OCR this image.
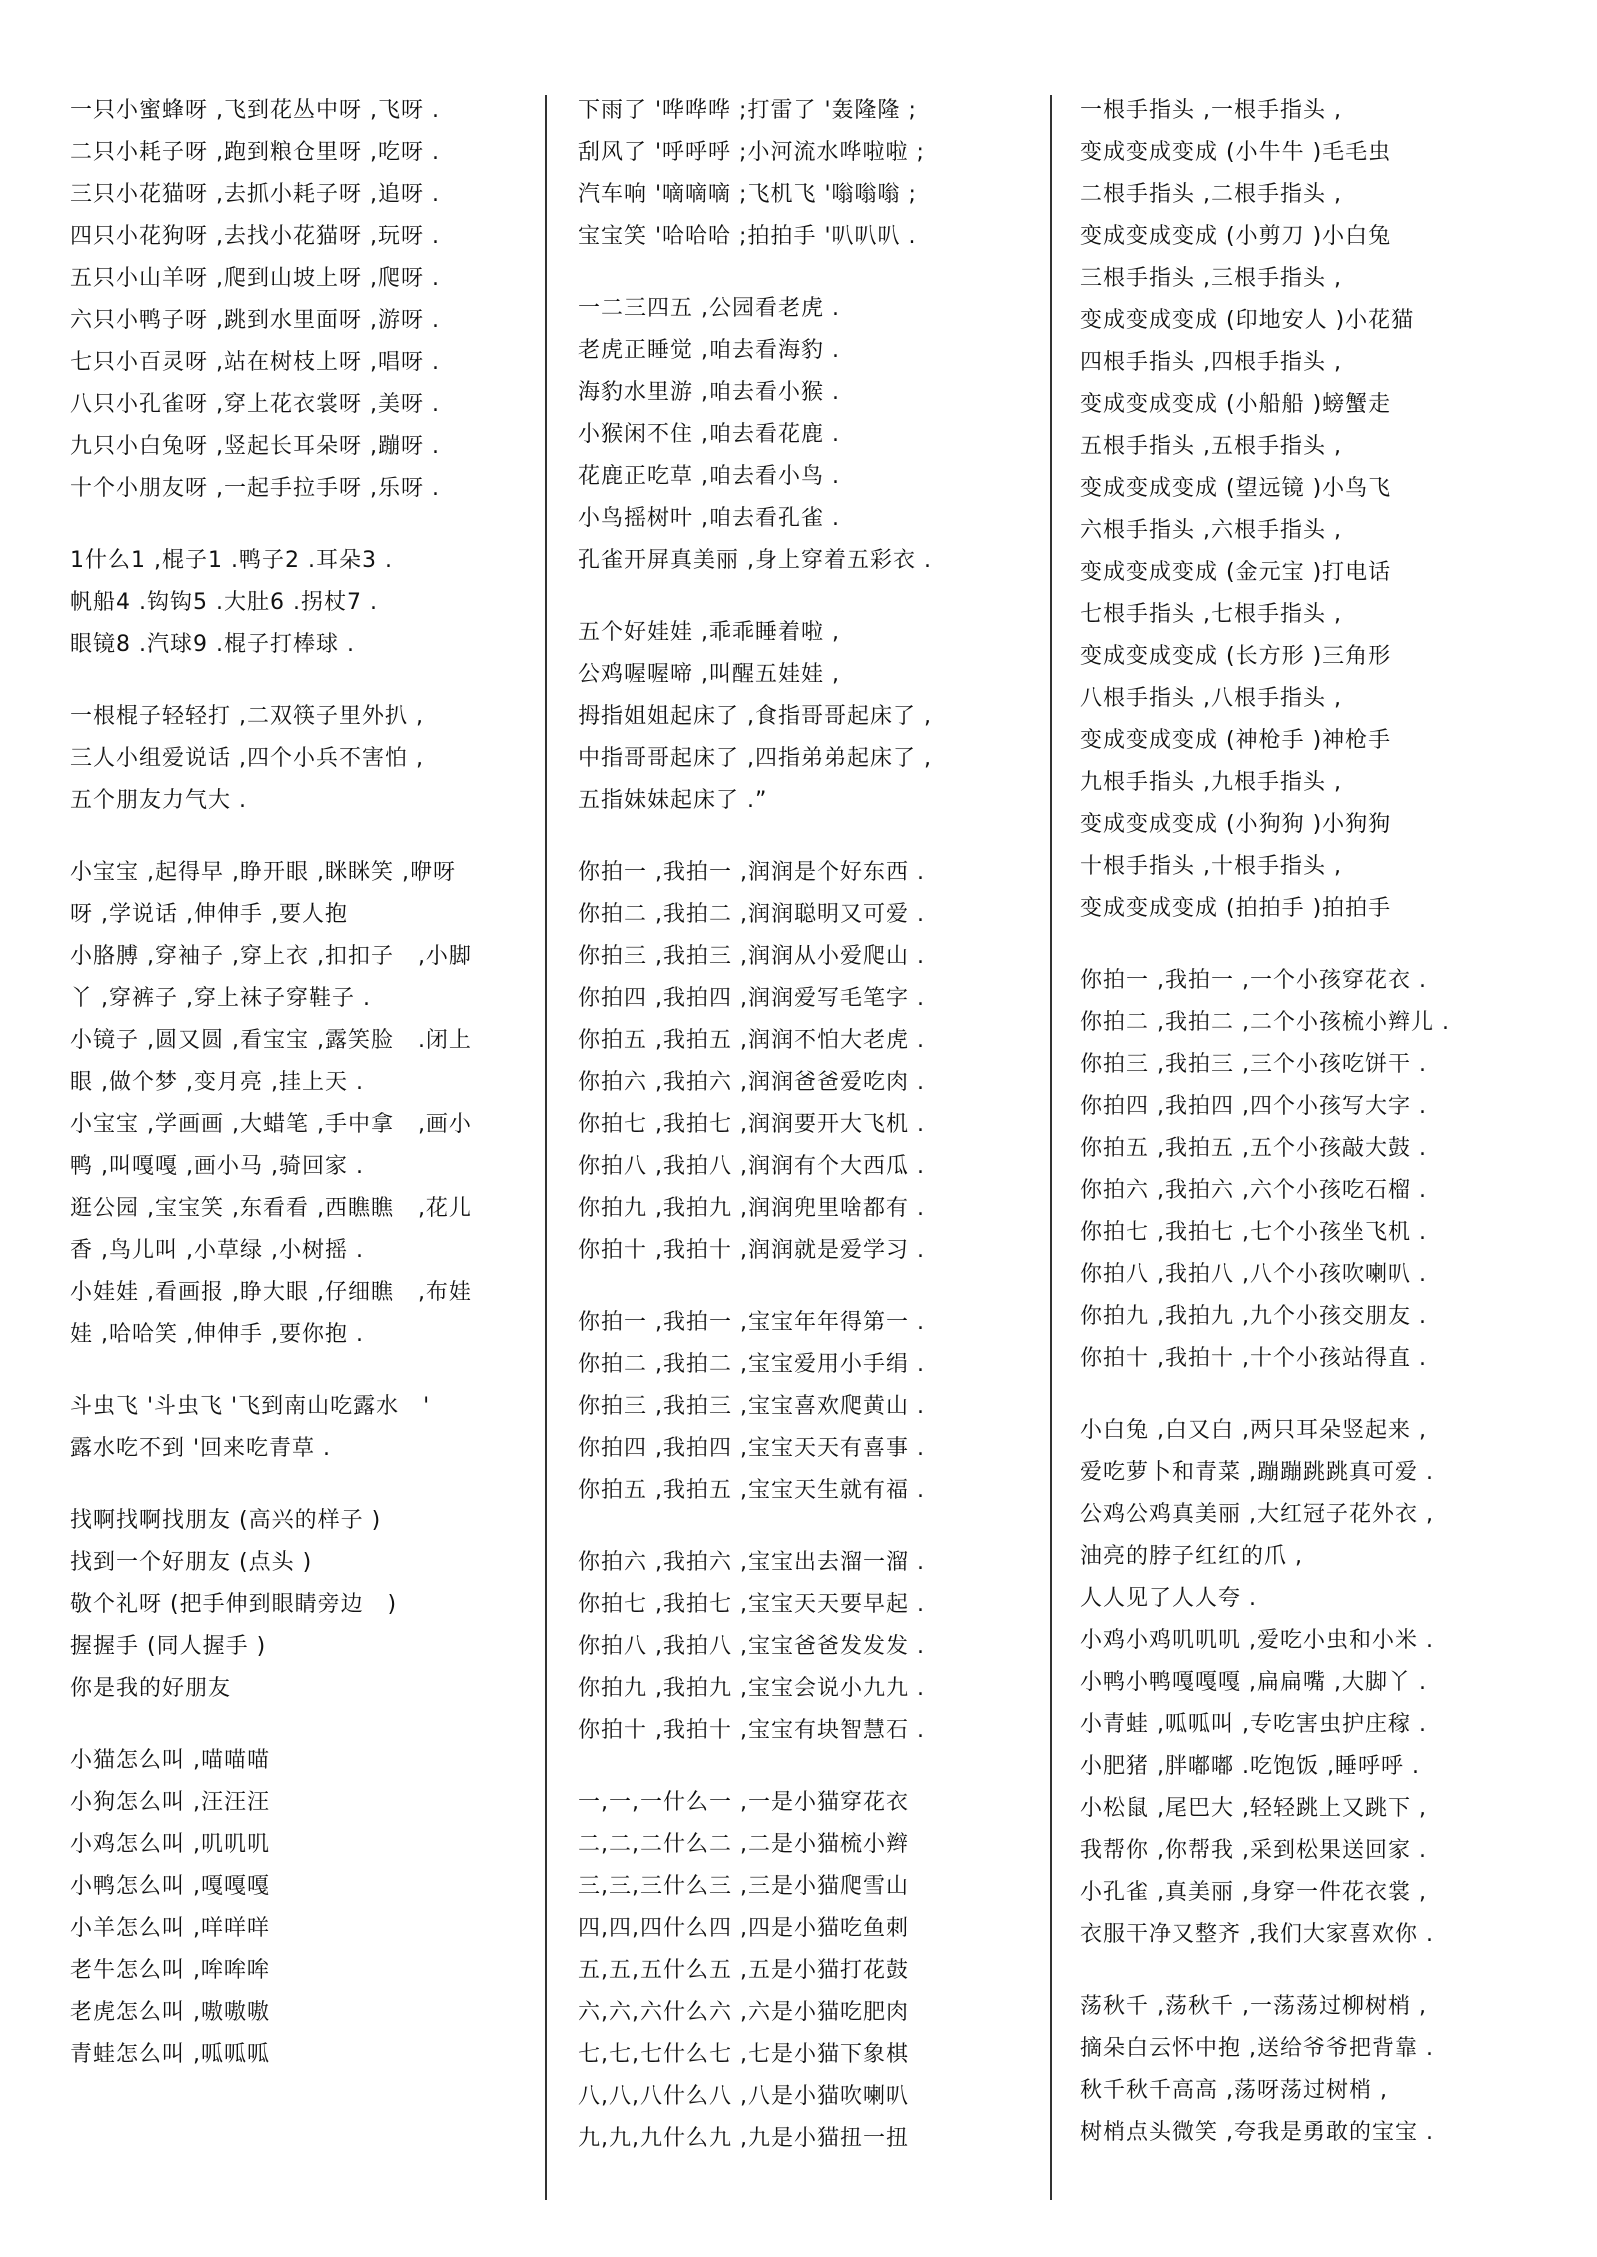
一只小蜜蜂呀 ,飞到花丛中呀 ,飞呀 .
二只小耗子呀 ,跑到粮仓里呀 ,吃呀 .
三只小花猫呀 ,去抓小耗子呀 ,追呀 .
四只小花狗呀 ,去找小花猫呀 ,玩呀 .
五只小山羊呀 ,爬到山坡上呀 ,爬呀 .
六只小鸭子呀 ,跳到水里面呀 ,游呀 .
七只小百灵呀 ,站在树枝上呀 ,唱呀 .
八只小孔雀呀 ,穿上花衣裳呀 ,美呀 .
九只小白兔呀 ,竖起长耳朵呀 ,蹦呀 .
十个小朋友呀 ,一起手拉手呀 ,乐呀 .
1什么1 ,棍子1 .鸭子2 .耳朵3 .
帆船4 .钩钩5 .大肚6 .拐杖7 .
眼镜8 .汽球9 .棍子打棒球 .
一根棍子轻轻打 ,二双筷子里外扒 ,
三人小组爱说话 ,四个小兵不害怕 ,
五个朋友力气大 .
小宝宝 ,起得早 ,睁开眼 ,眯眯笑 ,咿呀
呀 ,学说话 ,伸伸手 ,要人抱
小胳膊 ,穿袖子 ,穿上衣 ,扣扣子   ,小脚
丫 ,穿裤子 ,穿上袜子穿鞋子 .
小镜子 ,圆又圆 ,看宝宝 ,露笑脸   .闭上
眼 ,做个梦 ,变月亮 ,挂上天 .
小宝宝 ,学画画 ,大蜡笔 ,手中拿   ,画小
鸭 ,叫嘎嘎 ,画小马 ,骑回家 .
逛公园 ,宝宝笑 ,东看看 ,西瞧瞧   ,花儿
香 ,鸟儿叫 ,小草绿 ,小树摇 .
小娃娃 ,看画报 ,睁大眼 ,仔细瞧   ,布娃
娃 ,哈哈笑 ,伸伸手 ,要你抱 .
斗虫飞 '斗虫飞 '飞到南山吃露水   '
露水吃不到 '回来吃青草 .
找啊找啊找朋友 (高兴的样子 )
找到一个好朋友 (点头 )
敬个礼呀 (把手伸到眼睛旁边   )
握握手 (同人握手 )
你是我的好朋友
小猫怎么叫 ,喵喵喵
小狗怎么叫 ,汪汪汪
小鸡怎么叫 ,叽叽叽
小鸭怎么叫 ,嘎嘎嘎
小羊怎么叫 ,咩咩咩
老牛怎么叫 ,哞哞哞
老虎怎么叫 ,嗷嗷嗷
青蛙怎么叫 ,呱呱呱
下雨了 '哗哗哗 ;打雷了 '轰隆隆 ;
刮风了 '呼呼呼 ;小河流水哗啦啦 ;
汽车响 '嘀嘀嘀 ;飞机飞 '嗡嗡嗡 ;
宝宝笑 '哈哈哈 ;拍拍手 '叭叭叭 .
一二三四五 ,公园看老虎 .
老虎正睡觉 ,咱去看海豹 .
海豹水里游 ,咱去看小猴 .
小猴闲不住 ,咱去看花鹿 .
花鹿正吃草 ,咱去看小鸟 .
小鸟摇树叶 ,咱去看孔雀 .
孔雀开屏真美丽 ,身上穿着五彩衣 .
五个好娃娃 ,乖乖睡着啦 ,
公鸡喔喔啼 ,叫醒五娃娃 ,
拇指姐姐起床了 ,食指哥哥起床了 ,
中指哥哥起床了 ,四指弟弟起床了 ,
五指妹妹起床了 .”
你拍一 ,我拍一 ,润润是个好东西 .
你拍二 ,我拍二 ,润润聪明又可爱 .
你拍三 ,我拍三 ,润润从小爱爬山 .
你拍四 ,我拍四 ,润润爱写毛笔字 .
你拍五 ,我拍五 ,润润不怕大老虎 .
你拍六 ,我拍六 ,润润爸爸爱吃肉 .
你拍七 ,我拍七 ,润润要开大飞机 .
你拍八 ,我拍八 ,润润有个大西瓜 .
你拍九 ,我拍九 ,润润兜里啥都有 .
你拍十 ,我拍十 ,润润就是爱学习 .
你拍一 ,我拍一 ,宝宝年年得第一 .
你拍二 ,我拍二 ,宝宝爱用小手绢 .
你拍三 ,我拍三 ,宝宝喜欢爬黄山 .
你拍四 ,我拍四 ,宝宝天天有喜事 .
你拍五 ,我拍五 ,宝宝天生就有福 .
你拍六 ,我拍六 ,宝宝出去溜一溜 .
你拍七 ,我拍七 ,宝宝天天要早起 .
你拍八 ,我拍八 ,宝宝爸爸发发发 .
你拍九 ,我拍九 ,宝宝会说小九九 .
你拍十 ,我拍十 ,宝宝有块智慧石 .
一,一,一什么一 ,一是小猫穿花衣
二,二,二什么二 ,二是小猫梳小辫
三,三,三什么三 ,三是小猫爬雪山
四,四,四什么四 ,四是小猫吃鱼刺
五,五,五什么五 ,五是小猫打花鼓
六,六,六什么六 ,六是小猫吃肥肉
七,七,七什么七 ,七是小猫下象棋
八,八,八什么八 ,八是小猫吹喇叭
九,九,九什么九 ,九是小猫扭一扭
一根手指头 ,一根手指头 ,
变成变成变成 (小牛牛 )毛毛虫
二根手指头 ,二根手指头 ,
变成变成变成 (小剪刀 )小白兔
三根手指头 ,三根手指头 ,
变成变成变成 (印地安人 )小花猫
四根手指头 ,四根手指头 ,
变成变成变成 (小船船 )螃蟹走
五根手指头 ,五根手指头 ,
变成变成变成 (望远镜 )小鸟飞
六根手指头 ,六根手指头 ,
变成变成变成 (金元宝 )打电话
七根手指头 ,七根手指头 ,
变成变成变成 (长方形 )三角形
八根手指头 ,八根手指头 ,
变成变成变成 (神枪手 )神枪手
九根手指头 ,九根手指头 ,
变成变成变成 (小狗狗 )小狗狗
十根手指头 ,十根手指头 ,
变成变成变成 (拍拍手 )拍拍手
你拍一 ,我拍一 ,一个小孩穿花衣 .
你拍二 ,我拍二 ,二个小孩梳小辫儿 .
你拍三 ,我拍三 ,三个小孩吃饼干 .
你拍四 ,我拍四 ,四个小孩写大字 .
你拍五 ,我拍五 ,五个小孩敲大鼓 .
你拍六 ,我拍六 ,六个小孩吃石榴 .
你拍七 ,我拍七 ,七个小孩坐飞机 .
你拍八 ,我拍八 ,八个小孩吹喇叭 .
你拍九 ,我拍九 ,九个小孩交朋友 .
你拍十 ,我拍十 ,十个小孩站得直 .
小白兔 ,白又白 ,两只耳朵竖起来 ,
爱吃萝卜和青菜 ,蹦蹦跳跳真可爱 .
公鸡公鸡真美丽 ,大红冠子花外衣 ,
油亮的脖子红红的爪 ,
人人见了人人夸 .
小鸡小鸡叽叽叽 ,爱吃小虫和小米 .
小鸭小鸭嘎嘎嘎 ,扁扁嘴 ,大脚丫 .
小青蛙 ,呱呱叫 ,专吃害虫护庄稼 .
小肥猪 ,胖嘟嘟 .吃饱饭 ,睡呼呼 .
小松鼠 ,尾巴大 ,轻轻跳上又跳下 ,
我帮你 ,你帮我 ,采到松果送回家 .
小孔雀 ,真美丽 ,身穿一件花衣裳 ,
衣服干净又整齐 ,我们大家喜欢你 .
荡秋千 ,荡秋千 ,一荡荡过柳树梢 ,
摘朵白云怀中抱 ,送给爷爷把背靠 .
秋千秋千高高 ,荡呀荡过树梢 ,
树梢点头微笑 ,夸我是勇敢的宝宝 .
